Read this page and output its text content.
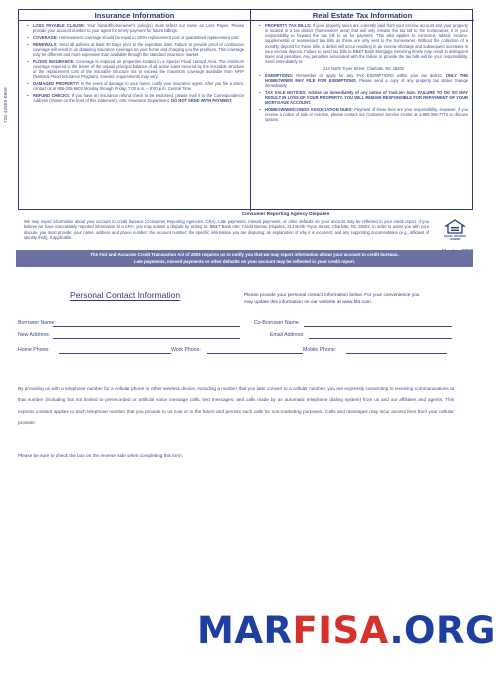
726-42855-0608
Insurance Information
• LOSS PAYABLE CLAUSE: Your hazard/homeowner's policy(s) must reflect our name as Loss Payee. Please provide your account number to your agent for timely payment for future billings.
• COVERAGE: Homeowners coverage should be equal to 100% replacement cost or guaranteed replacement cost.
• RENEWALS: Send all policies at least 30 Days prior to the expiration date. Failure to provide proof of continuous coverage will result in us obtaining insurance coverage on your home and charging you the premium. This coverage may be different and more expensive than available through the standard insurance market.
• FLOOD INSURANCE: Coverage is required on properties located in a Special Flood Hazard Area. The minimum coverage required is the lesser of the unpaid principal balance of all active loans secured by the insurable structure or the replacement cost of the insurable structure not to exceed the maximum coverage available from NFIP (National Flood Insurance Program). Investor requirements may vary.
• DAMAGED PROPERTY: In the event of damage to your home, notify your insurance agent. After you file a claim, contact us at 855-205-6603 Monday through Friday, 7:00 a.m. – 8:00 p.m. Central Time.
• REFUND CHECKS: If you have an insurance refund check to be endorsed, please mail it to the Correspondence Address (shown on the front of this statement). Attn: Insurance Department. DO NOT SEND WITH PAYMENT.
Real Estate Tax Information
• PROPERTY TAX BILLS: If your property taxes are currently paid from your escrow account and your property is located in a tax district (homeowner area) that will only release the tax bill to the homeowner, it is your responsibility to forward the tax bill to us for payment. This also applies to corrected, added, income, supplemental or reassessed tax bills as these are only sent to the homeowner. Without the collection of a monthly deposit for these bills, a deficit will occur resulting in an escrow shortage and subsequent increases in your escrow deposit. Failure to send tax bills to BB&T Bank Mortgage Servicing timely may result in delinquent taxes and penalties. Any penalties associated with the failure to provide the tax bills will be your responsibility. Send immediately to:
214 North Tryon Street, Charlotte, NC 28202
• EXEMPTIONS: Remember to apply for any TAX EXEMPTIONS within your tax district. ONLY THE HOMEOWNER MAY FILE FOR EXEMPTIONS. Please send a copy of any property tax status change immediately.
• TAX SALE NOTICES: Advise us immediately of any notice of Tax/Lien Sale. FAILURE TO DO SO MAY RESULT IN LOSS OF YOUR PROPERTY. YOU WILL REMAIN RESPONSIBLE FOR REPAYMENT OF YOUR MORTGAGE ACCOUNT.
• HOMEOWNER/CONDO ASSOCIATION DUES: Payment of these fees are your responsibility. However, if you receive a notice of sale or eviction, please contact our Customer Service Center at 1-800-365-7772 to discuss options.
Consumer Reporting Agency Disputes
We may report information about your account to credit bureaus (Consumer Reporting Agencies, CRA). Late payments, missed payments, or other defaults on your account may be reflected in your credit report. If you believe we have inaccurately reported information to a CRA, you may submit a dispute by writing to: BB&T Bank Attn: Credit Bureau Disputes, 214 North Tryon Street, Charlotte, NC 28202. In order to assist you with your dispute, you must provide: your name, address and phone number; the account number; the specific information you are disputing; an explanation of why it is incorrect; and any supporting documentation (e.g., affidavit of identity theft), if applicable.	EQUAL HOUSING
LENDER
The Fair and Accurate Credit Transaction Act of 2003 requires us to notify you that we may report information about your account to credit bureaus.
Late payments, missed payments or other defaults on your account may be reflected in your credit report.
Personal Contact Information	Please provide your personal contact information below. For your convenience you may update this information on our website at www.bbt.com.
Borrower Name:	Co-Borrower Name:
New Address:	Email Address:
Home Phone:	Work Phone:	Mobile Phone:
By providing us with a telephone number for a cellular phone or other wireless device, including a number that you later convert to a cellular number, you are expressly consenting to receiving communications at that number (including but not limited to prerecorded or artificial voice message calls, text messages, and calls made by an automatic telephone dialing system) from us and our affiliates and agents. This express consent applies to each telephone number that you provide to us now or in the future and permits such calls for non-marketing purposes. Calls and messages may incur access fees from your cellular provider.
Please be sure to check the box on the reverse side when completing this form.
MARFISA.ORG
